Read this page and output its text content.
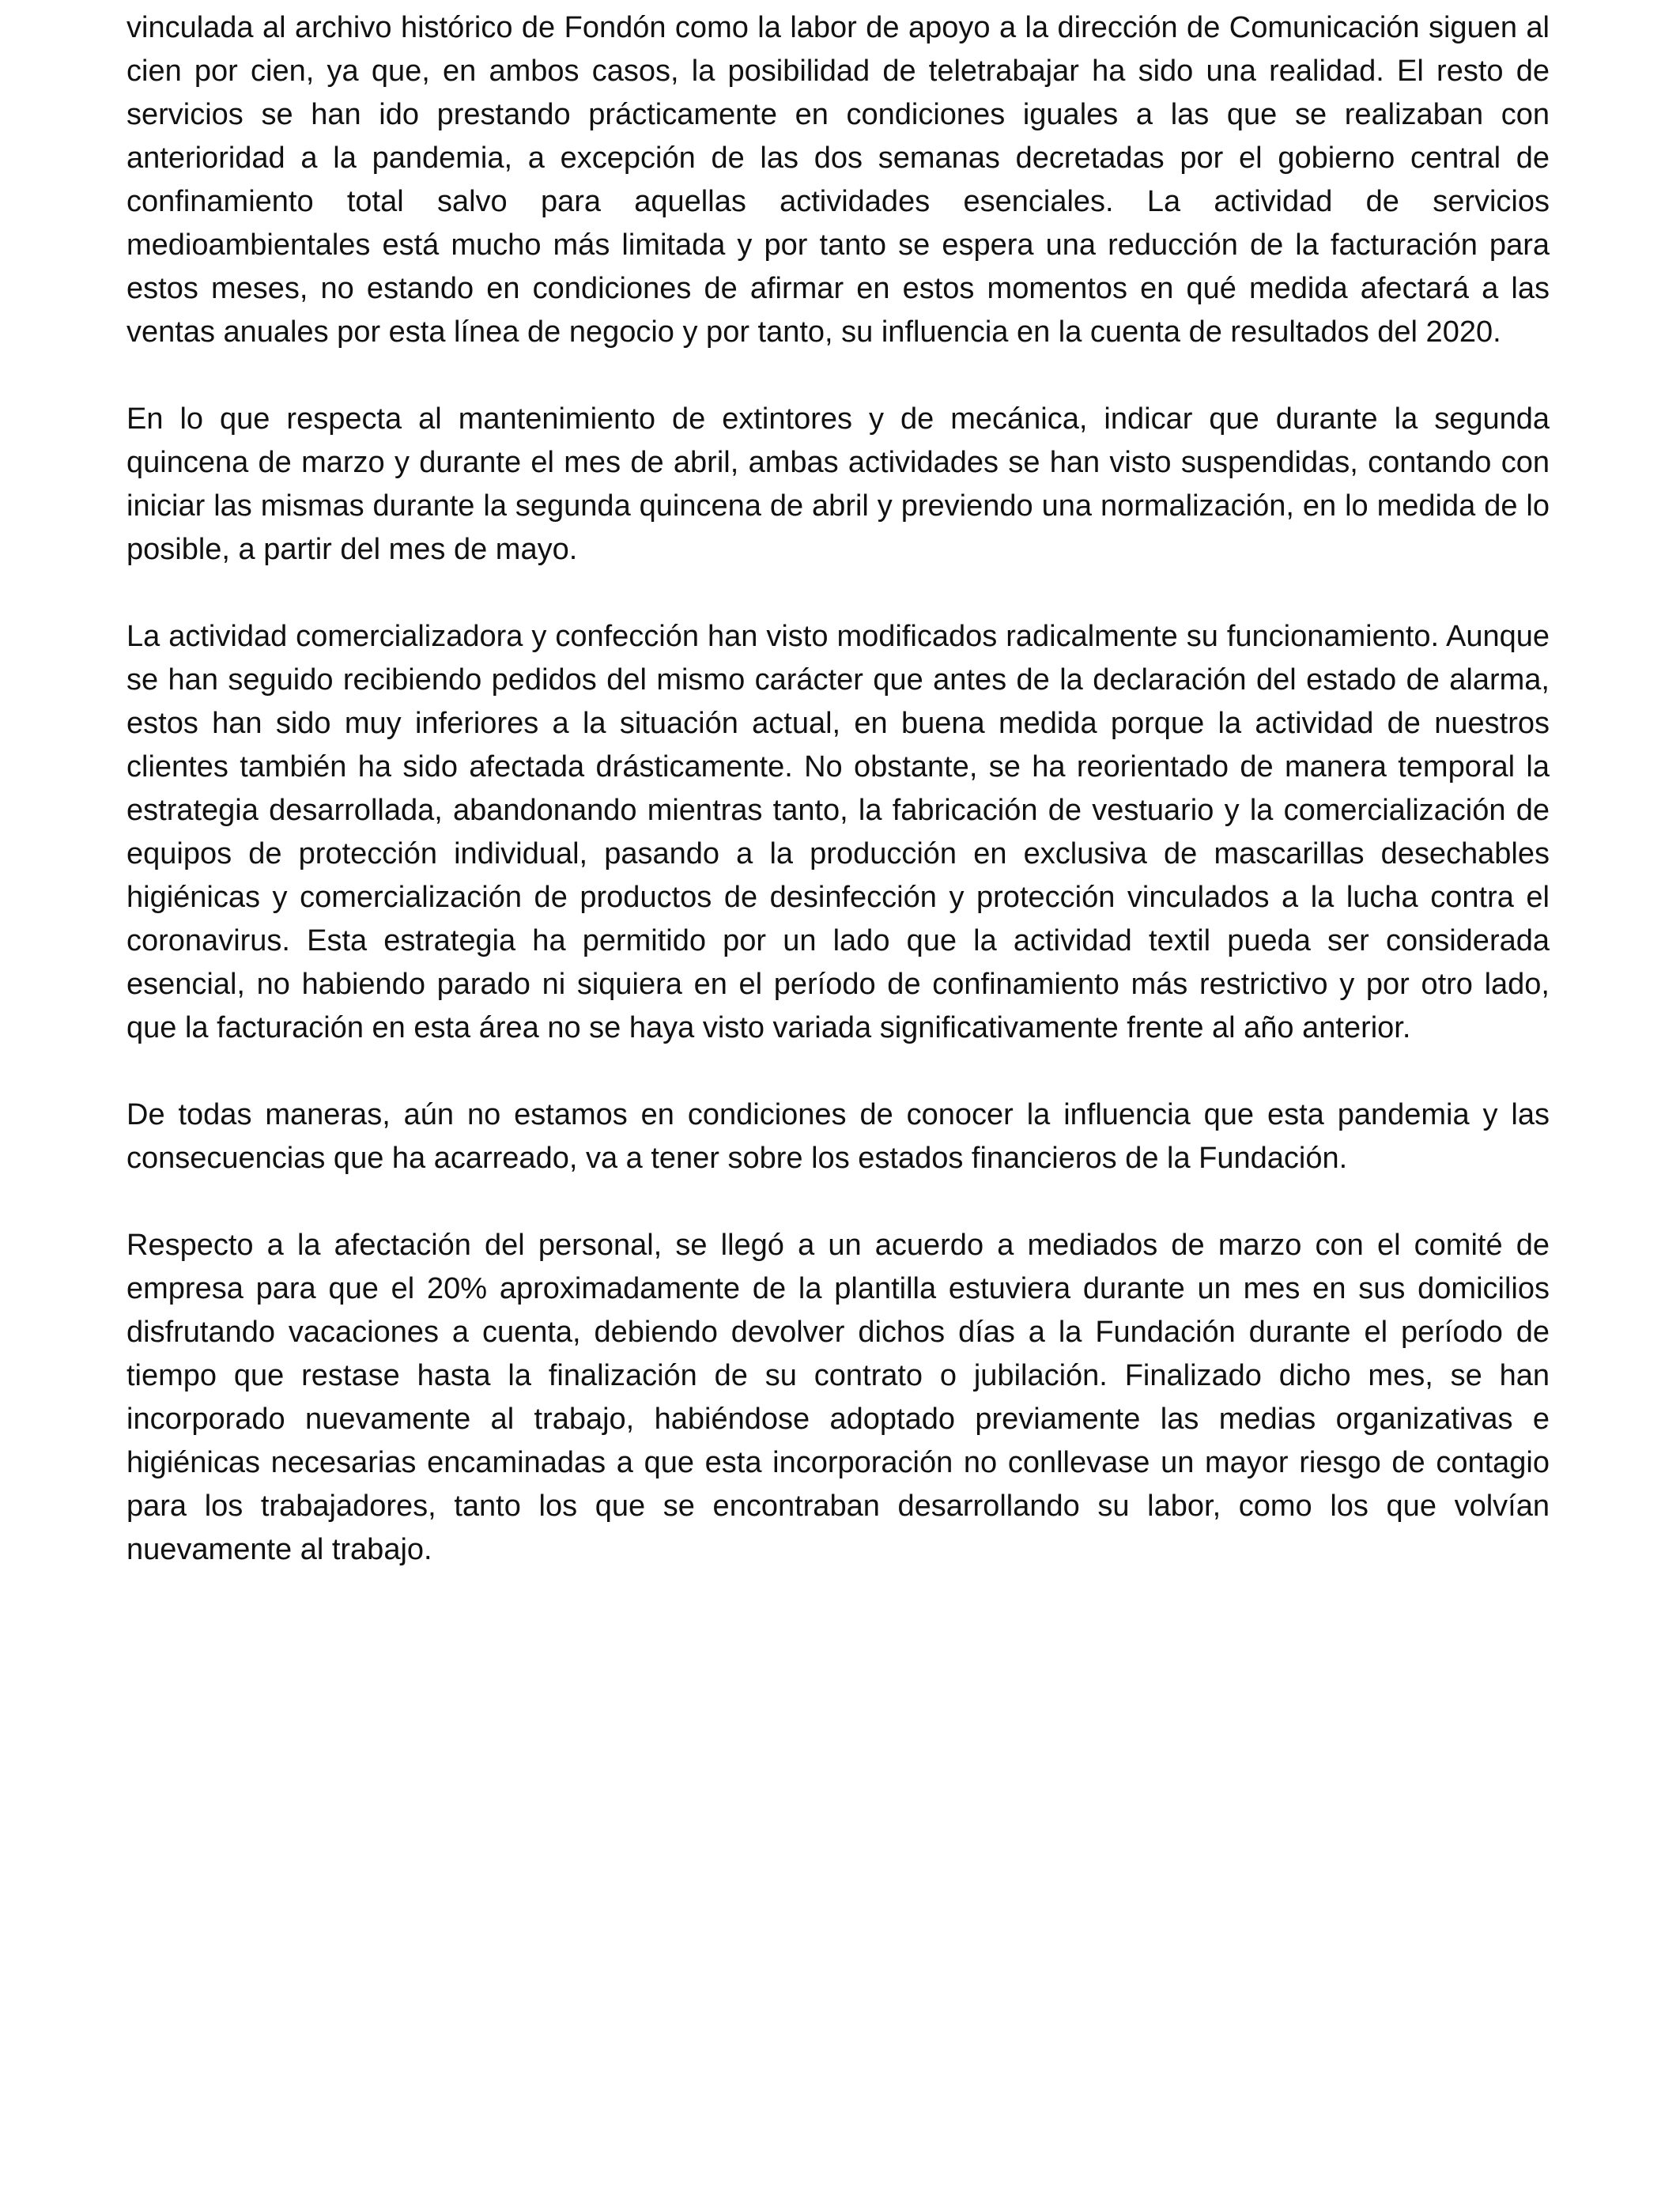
vinculada al archivo histórico de Fondón como la labor de apoyo a la dirección de Comunicación siguen al cien por cien, ya que, en ambos casos, la posibilidad de teletrabajar ha sido una realidad. El resto de servicios se han ido prestando prácticamente en condiciones iguales a las que se realizaban con anterioridad a la pandemia, a excepción de las dos semanas decretadas por el gobierno central de confinamiento total salvo para aquellas actividades esenciales. La actividad de servicios medioambientales está mucho más limitada y por tanto se espera una reducción de la facturación para estos meses, no estando en condiciones de afirmar en estos momentos en qué medida afectará a las ventas anuales por esta línea de negocio y por tanto, su influencia en la cuenta de resultados del 2020.

En lo que respecta al mantenimiento de extintores y de mecánica, indicar que durante la segunda quincena de marzo y durante el mes de abril, ambas actividades se han visto suspendidas, contando con iniciar las mismas durante la segunda quincena de abril y previendo una normalización, en lo medida de lo posible, a partir del mes de mayo.

La actividad comercializadora y confección han visto modificados radicalmente su funcionamiento. Aunque se han seguido recibiendo pedidos del mismo carácter que antes de la declaración del estado de alarma, estos han sido muy inferiores a la situación actual, en buena medida porque la actividad de nuestros clientes también ha sido afectada drásticamente. No obstante, se ha reorientado de manera temporal la estrategia desarrollada, abandonando mientras tanto, la fabricación de vestuario y la comercialización de equipos de protección individual, pasando a la producción en exclusiva de mascarillas desechables higiénicas y comercialización de productos de desinfección y protección vinculados a la lucha contra el coronavirus. Esta estrategia ha permitido por un lado que la actividad textil pueda ser considerada esencial, no habiendo parado ni siquiera en el período de confinamiento más restrictivo y por otro lado, que la facturación en esta área no se haya visto variada significativamente frente al año anterior.

De todas maneras, aún no estamos en condiciones de conocer la influencia que esta pandemia y las consecuencias que ha acarreado, va a tener sobre los estados financieros de la Fundación.

Respecto a la afectación del personal, se llegó a un acuerdo a mediados de marzo con el comité de empresa para que el 20% aproximadamente de la plantilla estuviera durante un mes en sus domicilios disfrutando vacaciones a cuenta, debiendo devolver dichos días a la Fundación durante el período de tiempo que restase hasta la finalización de su contrato o jubilación. Finalizado dicho mes, se han incorporado nuevamente al trabajo, habiéndose adoptado previamente las medias organizativas e higiénicas necesarias encaminadas a que esta incorporación no conllevase un mayor riesgo de contagio para los trabajadores, tanto los que se encontraban desarrollando su labor, como los que volvían nuevamente al trabajo.
